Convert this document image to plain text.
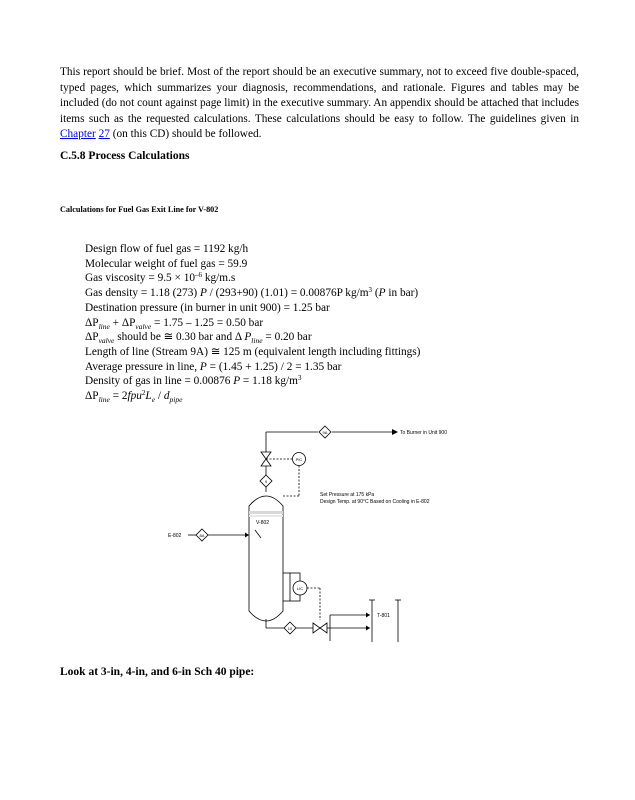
This report should be brief. Most of the report should be an executive summary, not to exceed five double-spaced, typed pages, which summarizes your diagnosis, recommendations, and rationale. Figures and tables may be included (do not count against page limit) in the executive summary. An appendix should be attached that includes items such as the requested calculations. These calculations should be easy to follow. The guidelines given in Chapter 27 (on this CD) should be followed.

C.5.8 Process Calculations
Calculations for Fuel Gas Exit Line for V-802
Design flow of fuel gas = 1192 kg/h
Molecular weight of fuel gas = 59.9
Gas viscosity = $9.5 \times 10^{-6}$ kg/m.s
Gas density = 1.18 (273) P / (293+90) (1.01) = 0.00876P $kg/m^3$ (P in bar)
Destination pressure (in burner in unit 900) = 1.25 bar
$\Delta P_{line} + \Delta P_{valve} = 1.75 - 1.25 = 0.50$ bar
$\Delta P_{valve}$ should be ≅ 0.30 bar and Δ $P_{line} = 0.20$ bar
Length of line (Stream 9A) ≅ 125 m (equivalent length including fittings)
Average pressure in line, P = (1.45 + 1.25) / 2 = 1.35 bar
Density of gas in line = 0.00876 P = 1.18 $kg/m^3$
$\Delta P_{line} = 2fpu^2L_e / d_{pipe}$
9A	To Burner in Unit 900
PIC
9
Set Pressure at 175 kPa
Design Temp. at 90°C Based on Cooling in E-802
V-802
E-802	8A
LIC
10
T-801
Look at 3-in, 4-in, and 6-in Sch 40 pipe:
